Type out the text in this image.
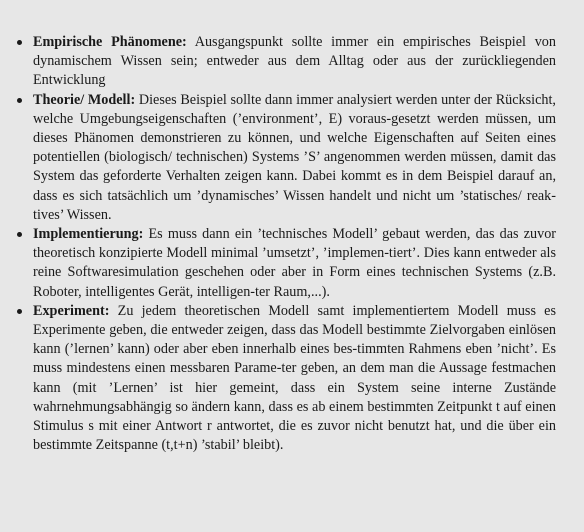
Empirische Phänomene: Ausgangspunkt sollte immer ein empirisches Beispiel von dynamischem Wissen sein; entweder aus dem Alltag oder aus der zurückliegenden Entwicklung
Theorie/ Modell: Dieses Beispiel sollte dann immer analysiert werden unter der Rücksicht, welche Umgebungseigenschaften (’environment’, E) voraus-gesetzt werden müssen, um dieses Phänomen demonstrieren zu können, und welche Eigenschaften auf Seiten eines potentiellen (biologisch/ technischen) Systems ’S’ angenommen werden müssen, damit das System das geforderte Verhalten zeigen kann. Dabei kommt es in dem Beispiel darauf an, dass es sich tatsächlich um ’dynamisches’ Wissen handelt und nicht um ’statisches/ reak-tives’ Wissen.
Implementierung: Es muss dann ein ’technisches Modell’ gebaut werden, das das zuvor theoretisch konzipierte Modell minimal ’umsetzt’, ’implemen-tiert’. Dies kann entweder als reine Softwaresimulation geschehen oder aber in Form eines technischen Systems (z.B. Roboter, intelligentes Gerät, intelligen-ter Raum,...).
Experiment: Zu jedem theoretischen Modell samt implementiertem Modell muss es Experimente geben, die entweder zeigen, dass das Modell bestimmte Zielvorgaben einlösen kann (’lernen’ kann) oder aber eben innerhalb eines bes-timmten Rahmens eben ’nicht’. Es muss mindestens einen messbaren Parame-ter geben, an dem man die Aussage festmachen kann (mit ’Lernen’ ist hier gemeint, dass ein System seine interne Zustände wahrnehmungsabhängig so ändern kann, dass es ab einem bestimmten Zeitpunkt t auf einen Stimulus s mit einer Antwort r antwortet, die es zuvor nicht benutzt hat, und die über ein bestimmte Zeitspanne (t,t+n) ’stabil’ bleibt).
